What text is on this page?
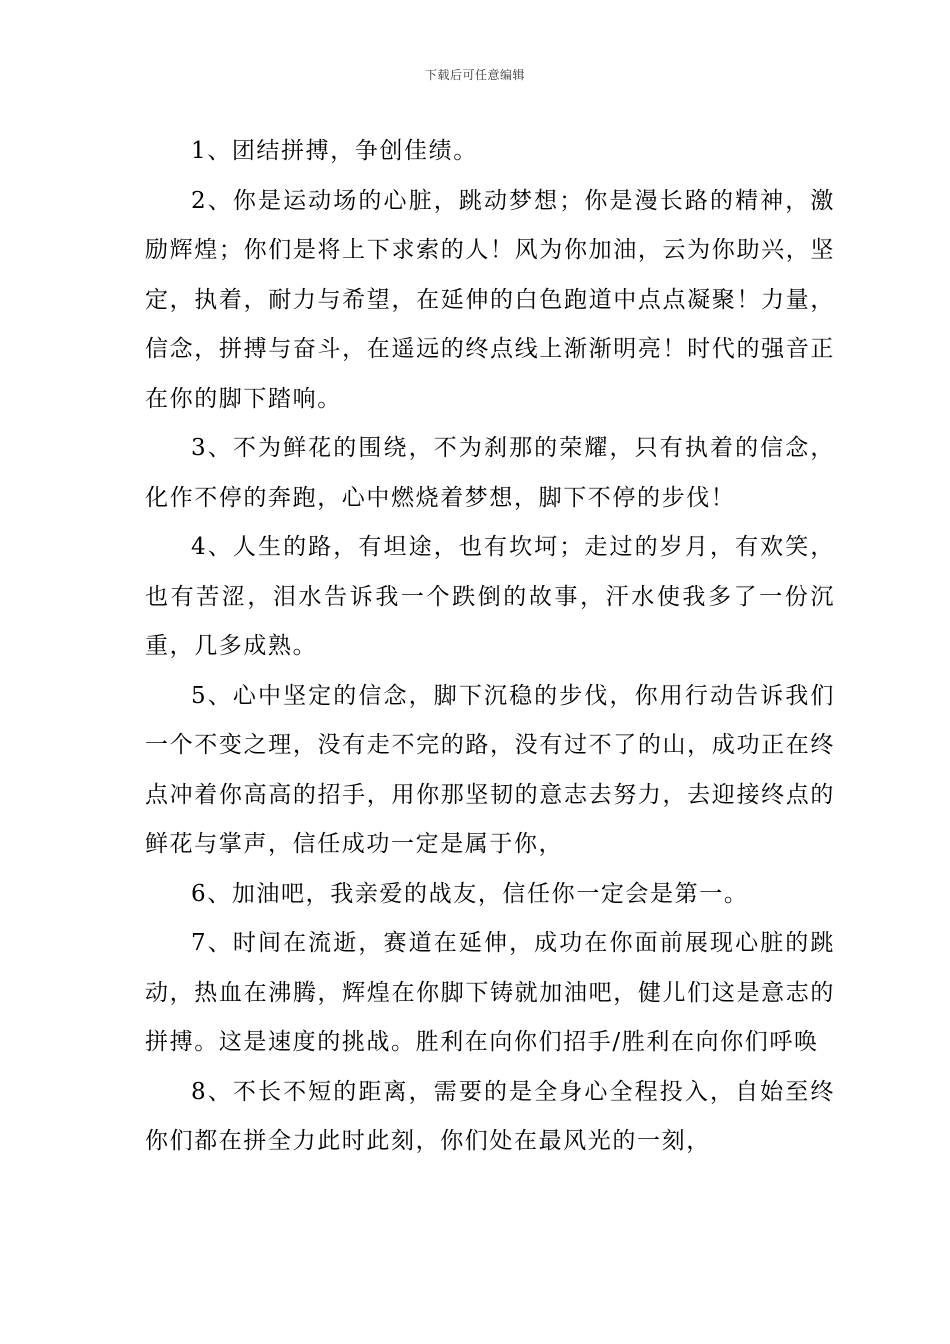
下载后可任意编辑

1、团结拼搏，争创佳绩。

2、你是运动场的心脏，跳动梦想；你是漫长路的精神，激励辉煌；你们是将上下求索的人！风为你加油，云为你助兴，坚定，执着，耐力与希望，在延伸的白色跑道中点点凝聚！力量，信念，拼搏与奋斗，在遥远的终点线上渐渐明亮！时代的强音正在你的脚下踏响。

3、不为鲜花的围绕，不为刹那的荣耀，只有执着的信念，化作不停的奔跑，心中燃烧着梦想，脚下不停的步伐！

4、人生的路，有坦途，也有坎坷；走过的岁月，有欢笑，也有苦涩，泪水告诉我一个跌倒的故事，汗水使我多了一份沉重，几多成熟。

5、心中坚定的信念，脚下沉稳的步伐，你用行动告诉我们一个不变之理，没有走不完的路，没有过不了的山，成功正在终点冲着你高高的招手，用你那坚韧的意志去努力，去迎接终点的鲜花与掌声，信任成功一定是属于你，

6、加油吧，我亲爱的战友，信任你一定会是第一。

7、时间在流逝，赛道在延伸，成功在你面前展现心脏的跳动，热血在沸腾，辉煌在你脚下铸就加油吧，健儿们这是意志的拼搏。这是速度的挑战。胜利在向你们招手/胜利在向你们呼唤

8、不长不短的距离，需要的是全身心全程投入，自始至终你们都在拼全力此时此刻，你们处在最风光的一刻，
